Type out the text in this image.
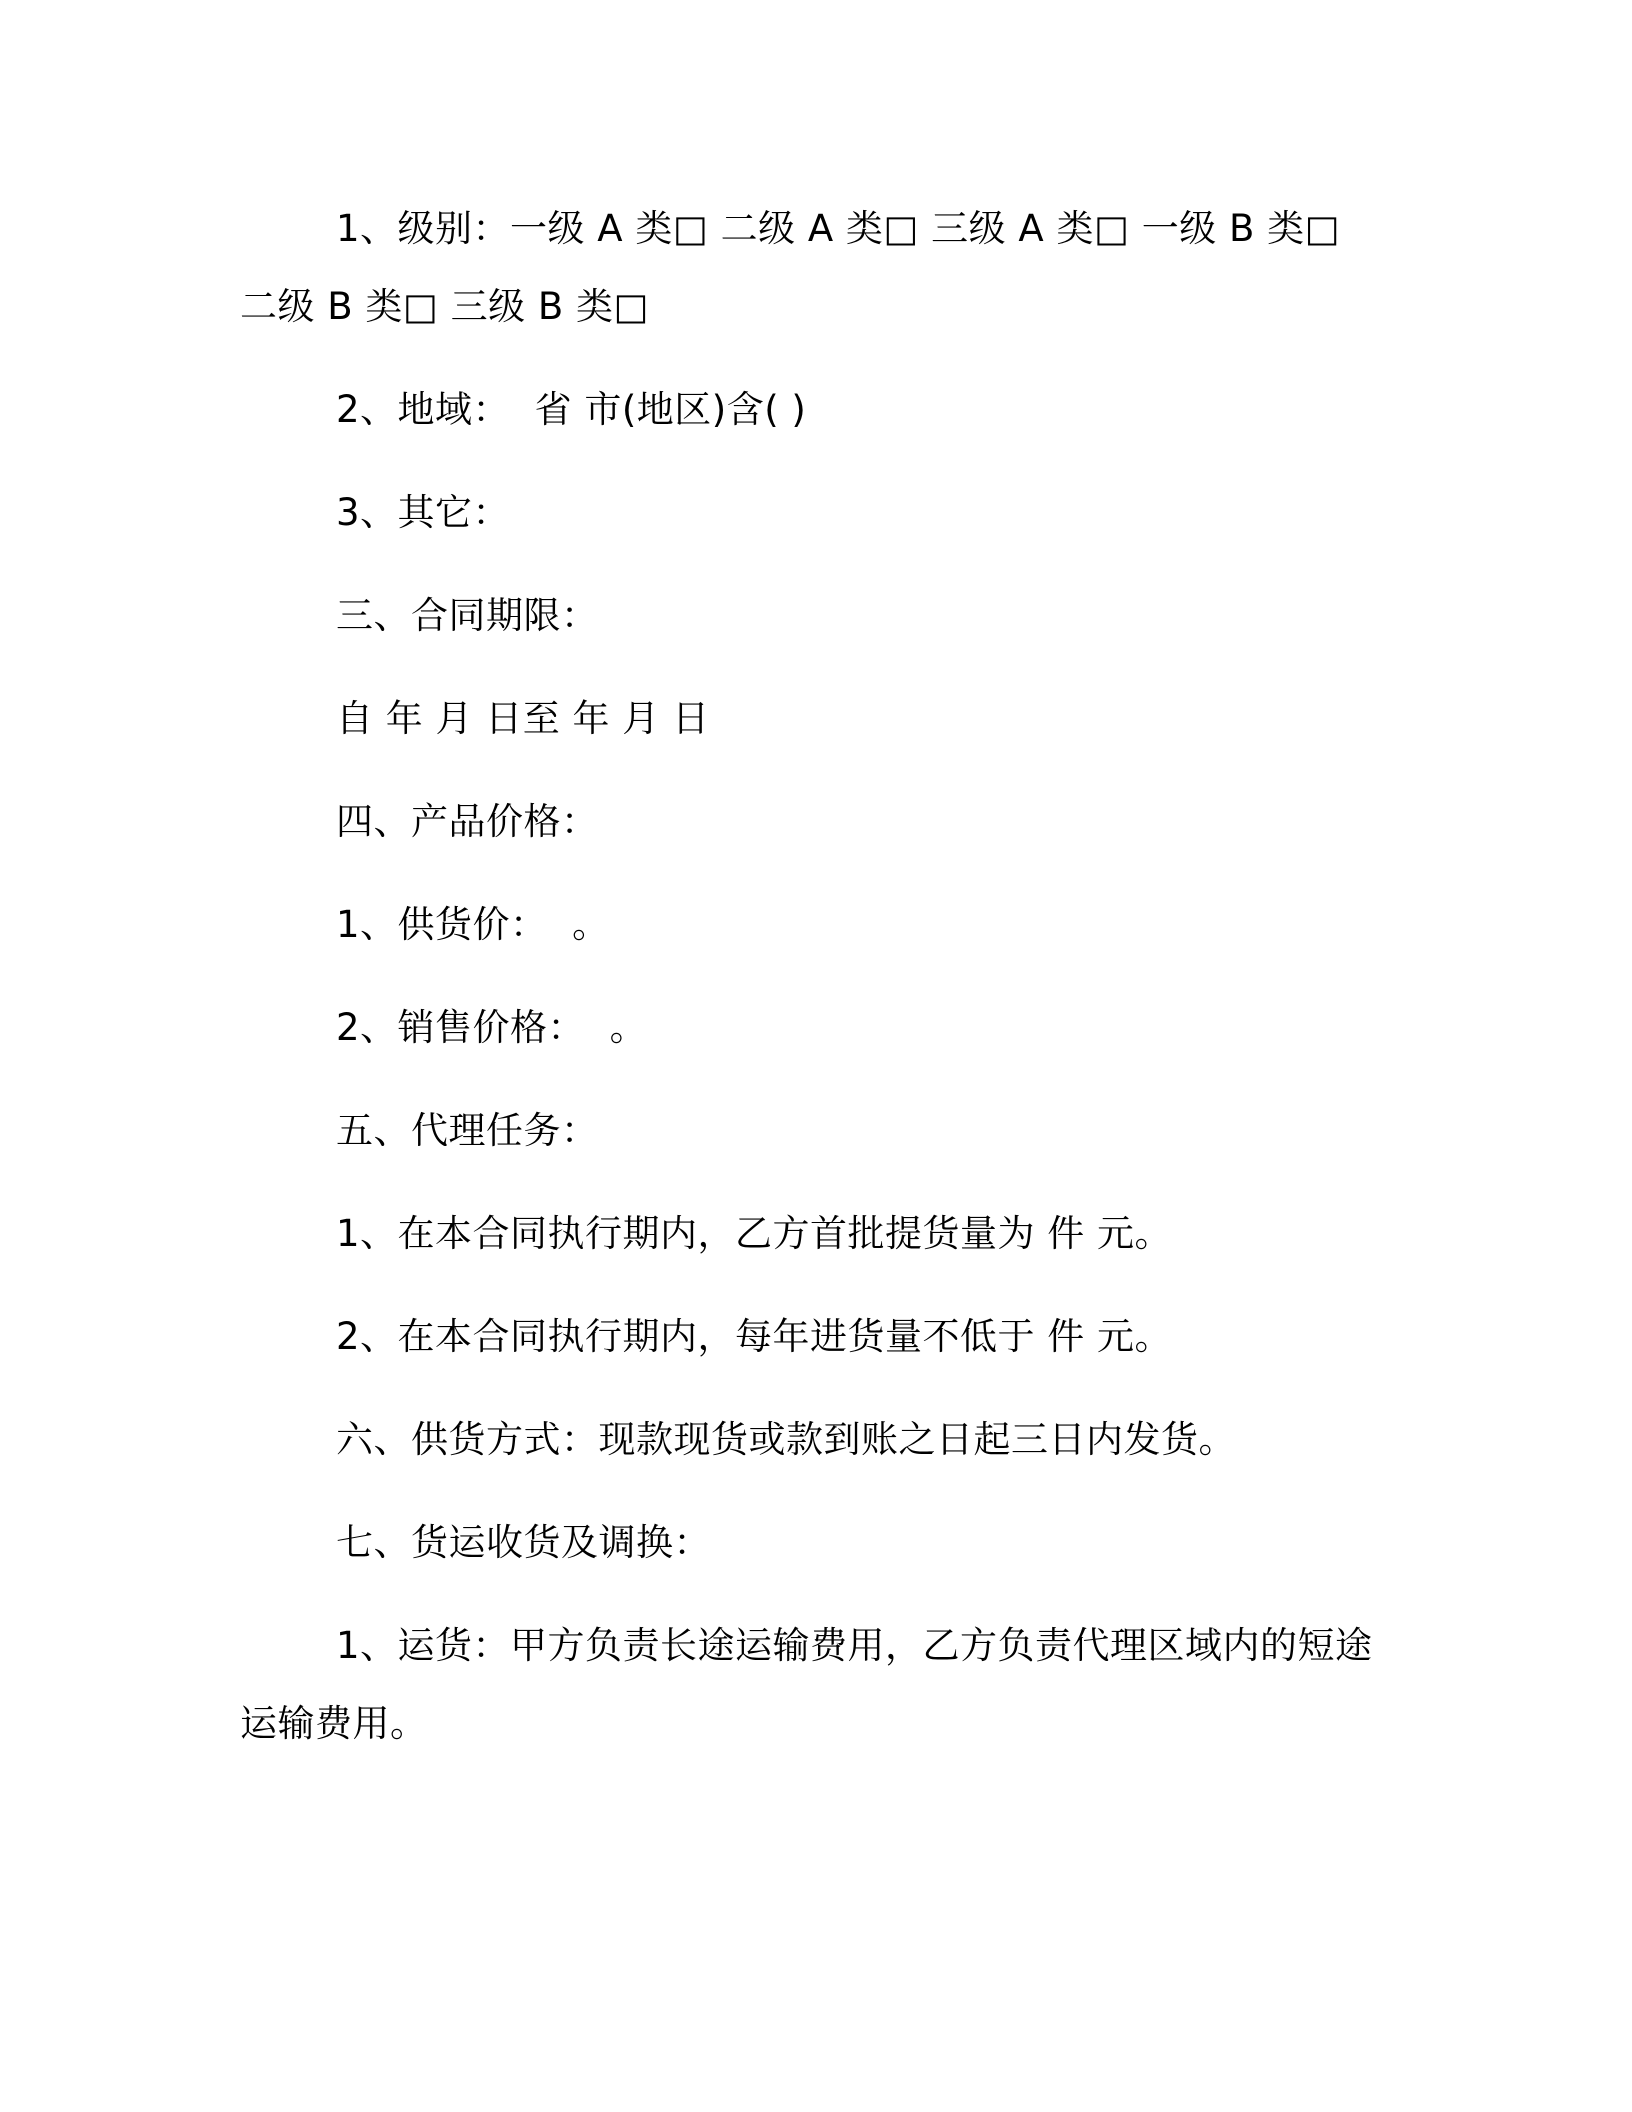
1、级别：一级 A 类□ 二级 A 类□ 三级 A 类□ 一级 B 类□ 二级 B 类□ 三级 B 类□

2、地域：  省 市(地区)含( )

3、其它：

三、合同期限：

自 年 月 日至 年 月 日

四、产品价格：

1、供货价：  。

2、销售价格：  。

五、代理任务：

1、在本合同执行期内，乙方首批提货量为 件 元。

2、在本合同执行期内，每年进货量不低于 件 元。

六、供货方式：现款现货或款到账之日起三日内发货。

七、货运收货及调换：

1、运货：甲方负责长途运输费用，乙方负责代理区域内的短途运输费用。
